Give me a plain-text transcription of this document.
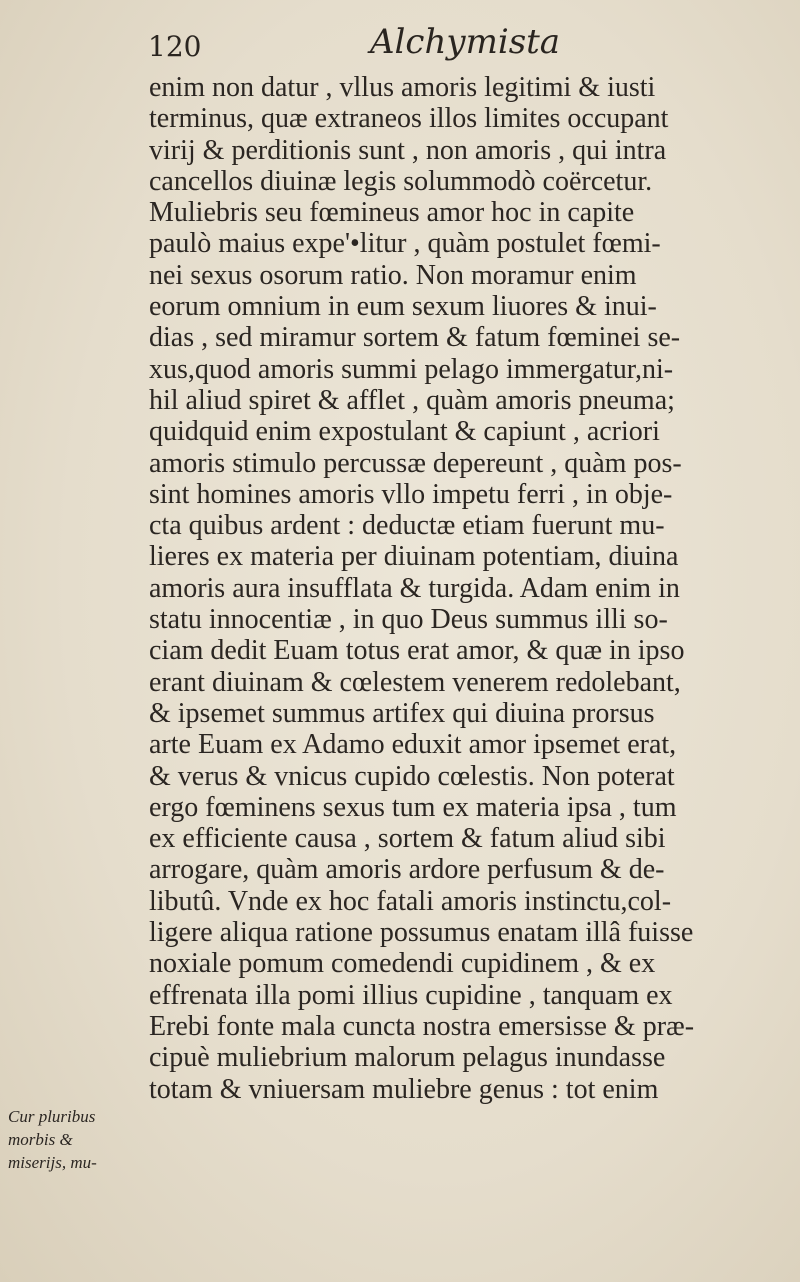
120	Alchymista
enim non datur , vllus amoris legitimi & iusti
terminus, quæ extraneos illos limites occupant
virij & perditionis sunt , non amoris , qui intra
cancellos diuinæ legis solummodò coërcetur.
Muliebris seu fœmineus amor hoc in capite
paulò maius expe'•litur , quàm postulet fœmi-
nei sexus osorum ratio. Non moramur enim
eorum omnium in eum sexum liuores & inui-
dias , sed miramur sortem & fatum fœminei se-
xus,quod amoris summi pelago immergatur,ni-
hil aliud spiret & afflet , quàm amoris pneuma;
quidquid enim expostulant & capiunt , acriori
amoris stimulo percussæ depereunt , quàm pos-
sint homines amoris vllo impetu ferri , in obje-
cta quibus ardent : deductæ etiam fuerunt mu-
lieres ex materia per diuinam potentiam, diuina
amoris aura insufflata & turgida. Adam enim in
statu innocentiæ , in quo Deus summus illi so-
ciam dedit Euam totus erat amor, & quæ in ipso
erant diuinam & cœlestem venerem redolebant,
& ipsemet summus artifex qui diuina prorsus
arte Euam ex Adamo eduxit amor ipsemet erat,
& verus & vnicus cupido cœlestis. Non poterat
ergo fœminens sexus tum ex materia ipsa , tum
ex efficiente causa , sortem & fatum aliud sibi
arrogare, quàm amoris ardore perfusum & de-
libutû. Vnde ex hoc fatali amoris instinctu,col-
ligere aliqua ratione possumus enatam illâ fuisse
noxiale pomum comedendi cupidinem , & ex
effrenata illa pomi illius cupidine , tanquam ex
Erebi fonte mala cuncta nostra emersisse & præ-
cipuè muliebrium malorum pelagus inundasse
totam & vniuersam muliebre genus : tot enim
Cur pluribus
morbis &
miserijs, mu-
